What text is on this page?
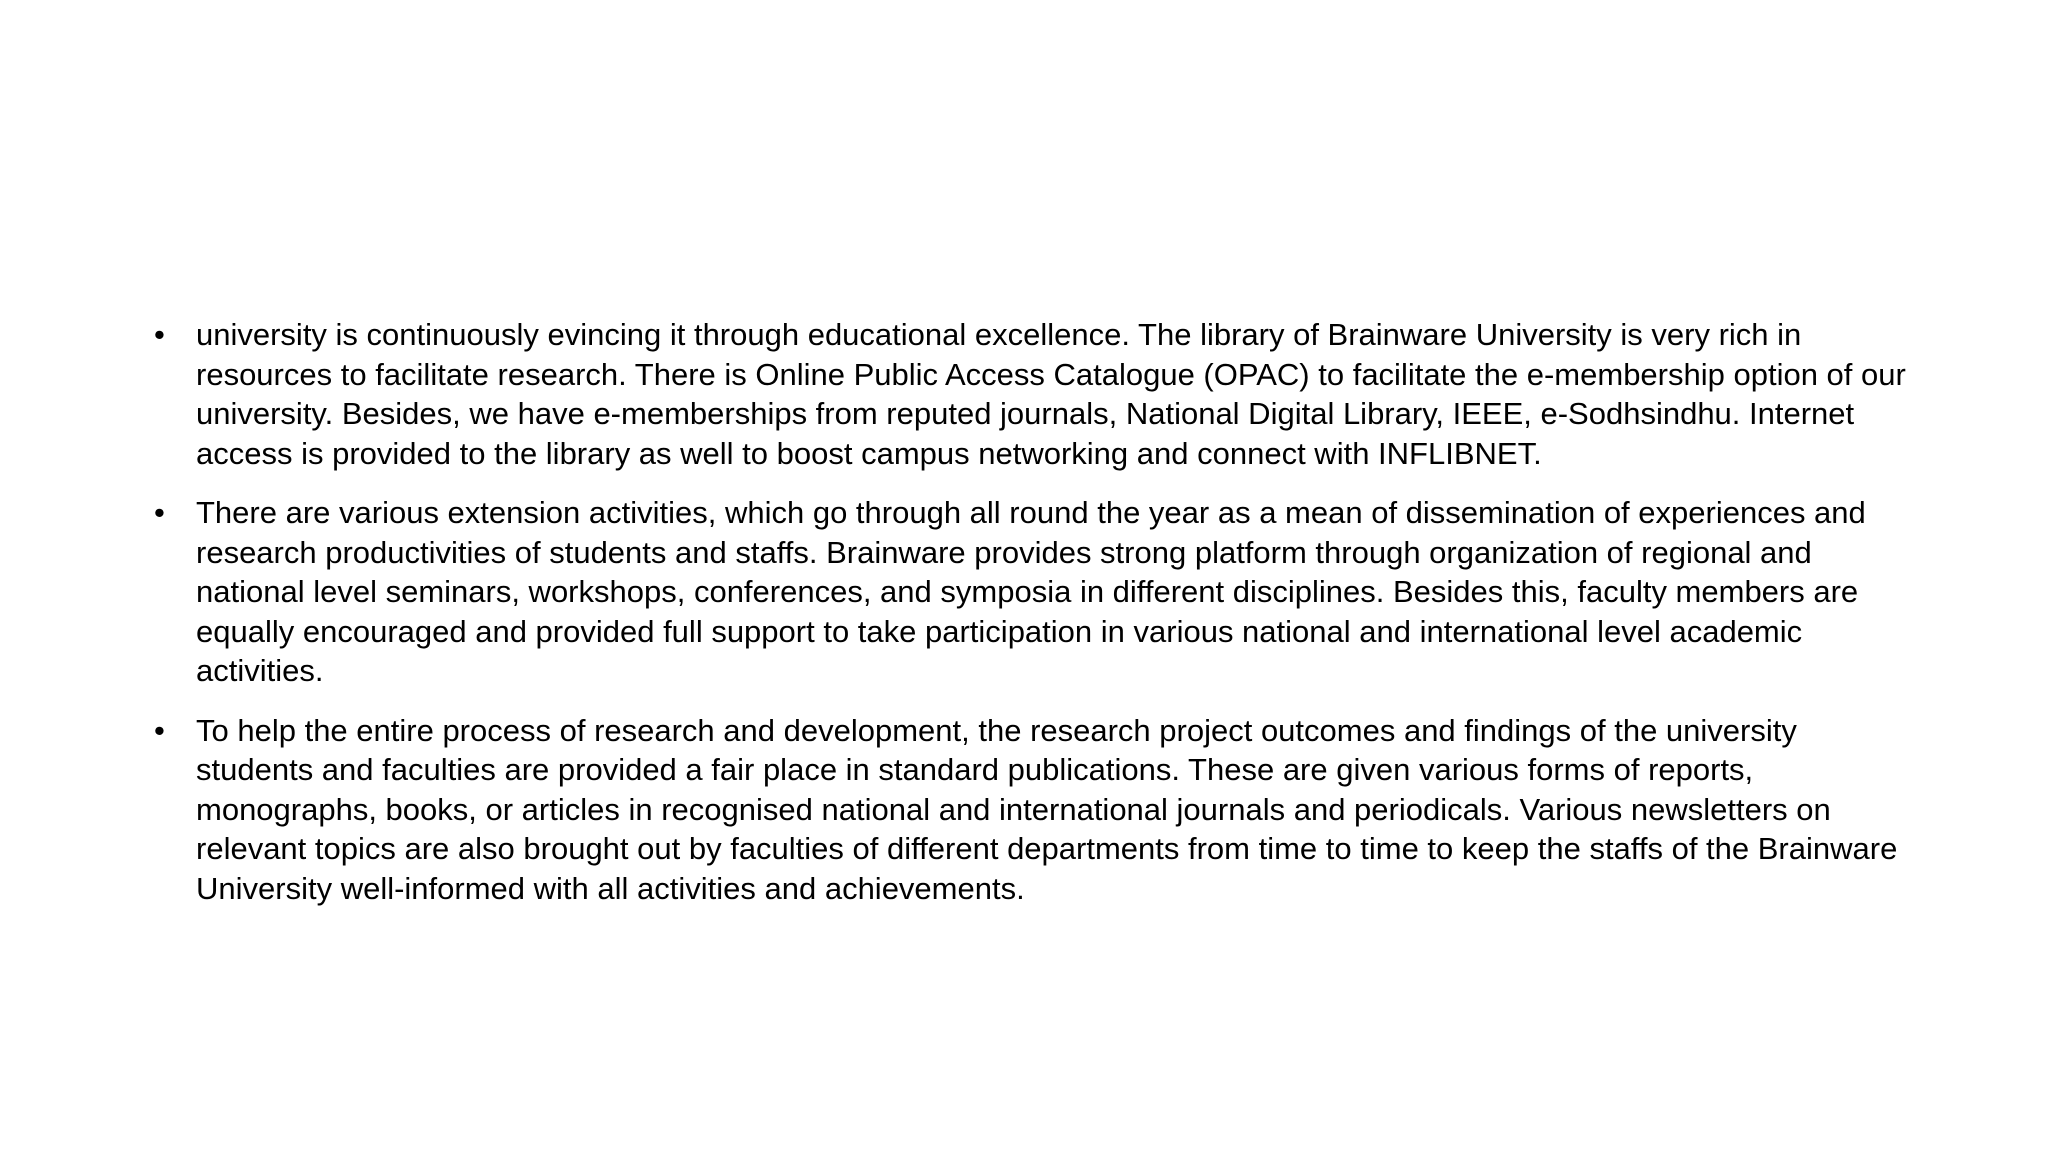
• university is continuously evincing it through educational excellence. The library of Brainware University is very rich in resources to facilitate research. There is Online Public Access Catalogue (OPAC) to facilitate the e-membership option of our university. Besides, we have e-memberships from reputed journals, National Digital Library, IEEE, e-Sodhsindhu. Internet access is provided to the library as well to boost campus networking and connect with INFLIBNET.
• There are various extension activities, which go through all round the year as a mean of dissemination of experiences and research productivities of students and staffs. Brainware provides strong platform through organization of regional and national level seminars, workshops, conferences, and symposia in different disciplines. Besides this, faculty members are equally encouraged and provided full support to take participation in various national and international level academic activities.
• To help the entire process of research and development, the research project outcomes and findings of the university students and faculties are provided a fair place in standard publications. These are given various forms of reports, monographs, books, or articles in recognised national and international journals and periodicals. Various newsletters on relevant topics are also brought out by faculties of different departments from time to time to keep the staffs of the Brainware University well-informed with all activities and achievements.
